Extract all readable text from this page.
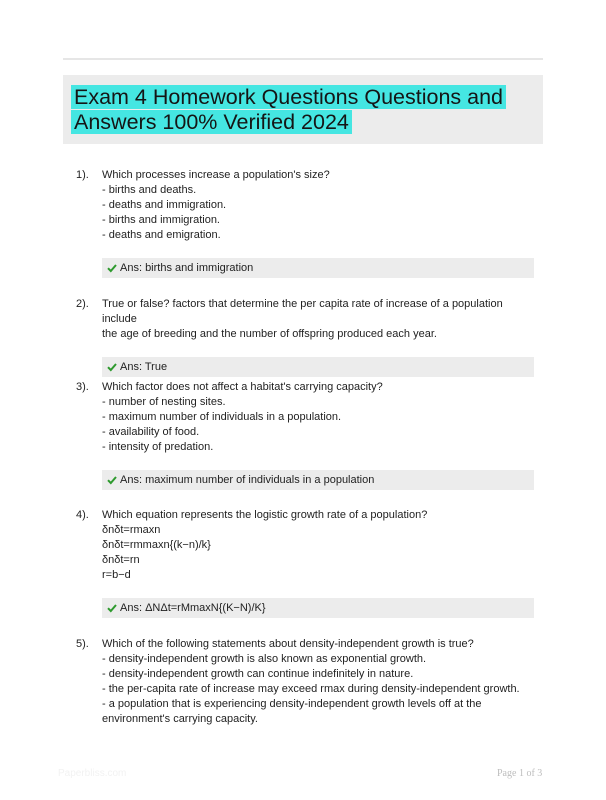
Exam 4 Homework Questions Questions and Answers 100% Verified 2024
1). Which processes increase a population's size?
- births and deaths.
- deaths and immigration.
- births and immigration.
- deaths and emigration.
Ans: births and immigration
2). True or false? factors that determine the per capita rate of increase of a population include
the age of breeding and the number of offspring produced each year.
Ans: True
3). Which factor does not affect a habitat's carrying capacity?
- number of nesting sites.
- maximum number of individuals in a population.
- availability of food.
- intensity of predation.
Ans: maximum number of individuals in a population
4). Which equation represents the logistic growth rate of a population?
δnδt=rmaxn
δnδt=rmmaxn{(k−n)/k}
δnδt=rn
r=b−d
Ans: ΔNΔt=rMmaxN{(K−N)/K}
5). Which of the following statements about density-independent growth is true?
- density-independent growth is also known as exponential growth.
- density-independent growth can continue indefinitely in nature.
- the per-capita rate of increase may exceed rmax during density-independent growth.
- a population that is experiencing density-independent growth levels off at the
environment's carrying capacity.
Paperbliss.com	Page 1 of 3
